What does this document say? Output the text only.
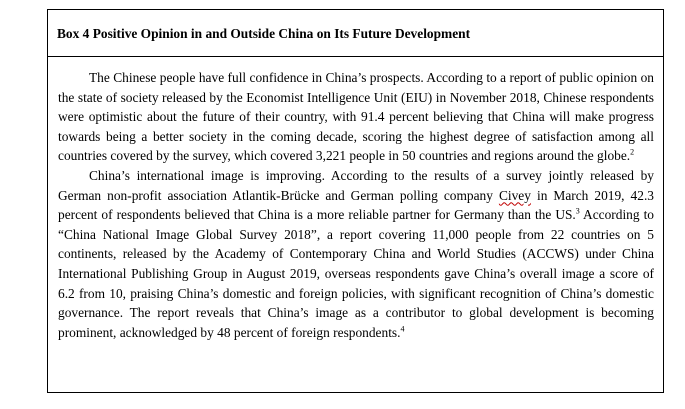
Box 4 Positive Opinion in and Outside China on Its Future Development

The Chinese people have full confidence in China’s prospects. According to a report of public opinion on the state of society released by the Economist Intelligence Unit (EIU) in November 2018, Chinese respondents were optimistic about the future of their country, with 91.4 percent believing that China will make progress towards being a better society in the coming decade, scoring the highest degree of satisfaction among all countries covered by the survey, which covered 3,221 people in 50 countries and regions around the globe.$^2$

China’s international image is improving. According to the results of a survey jointly released by German non-profit association Atlantik-Brücke and German polling company Civey in March 2019, 42.3 percent of respondents believed that China is a more reliable partner for Germany than the US.$^3$ According to “China National Image Global Survey 2018”, a report covering 11,000 people from 22 countries on 5 continents, released by the Academy of Contemporary China and World Studies (ACCWS) under China International Publishing Group in August 2019, overseas respondents gave China’s overall image a score of 6.2 from 10, praising China’s domestic and foreign policies, with significant recognition of China’s domestic governance. The report reveals that China’s image as a contributor to global development is becoming prominent, acknowledged by 48 percent of foreign respondents.$^4$
